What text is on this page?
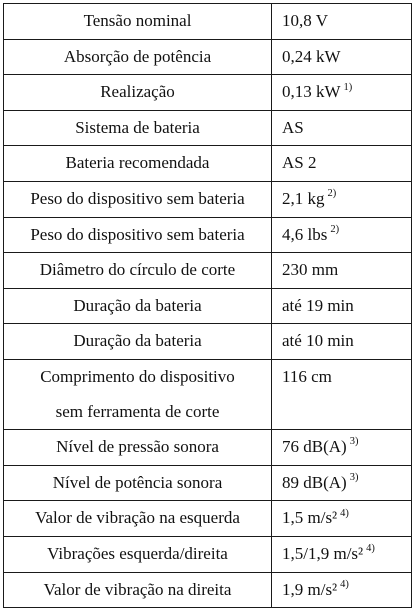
Tensão nominal	10,8 V
Absorção de potência	0,24 kW
Realização	0,13 kW $^{1)}$
Sistema de bateria	AS
Bateria recomendada	AS 2
Peso do dispositivo sem bateria	2,1 kg $^{2)}$
Peso do dispositivo sem bateria	4,6 lbs $^{2)}$
Diâmetro do círculo de corte	230 mm
Duração da bateria	até 19 min
Duração da bateria	até 10 min

Comprimento do dispositivo
sem ferramenta de corte	116 cm
Nível de pressão sonora	76 dB(A) $^{3)}$
Nível de potência sonora	89 dB(A) $^{3)}$
Valor de vibração na esquerda	1,5 m/s² $^{4)}$
Vibrações esquerda/direita	1,5/1,9 m/s² $^{4)}$
Valor de vibração na direita	1,9 m/s² $^{4)}$
